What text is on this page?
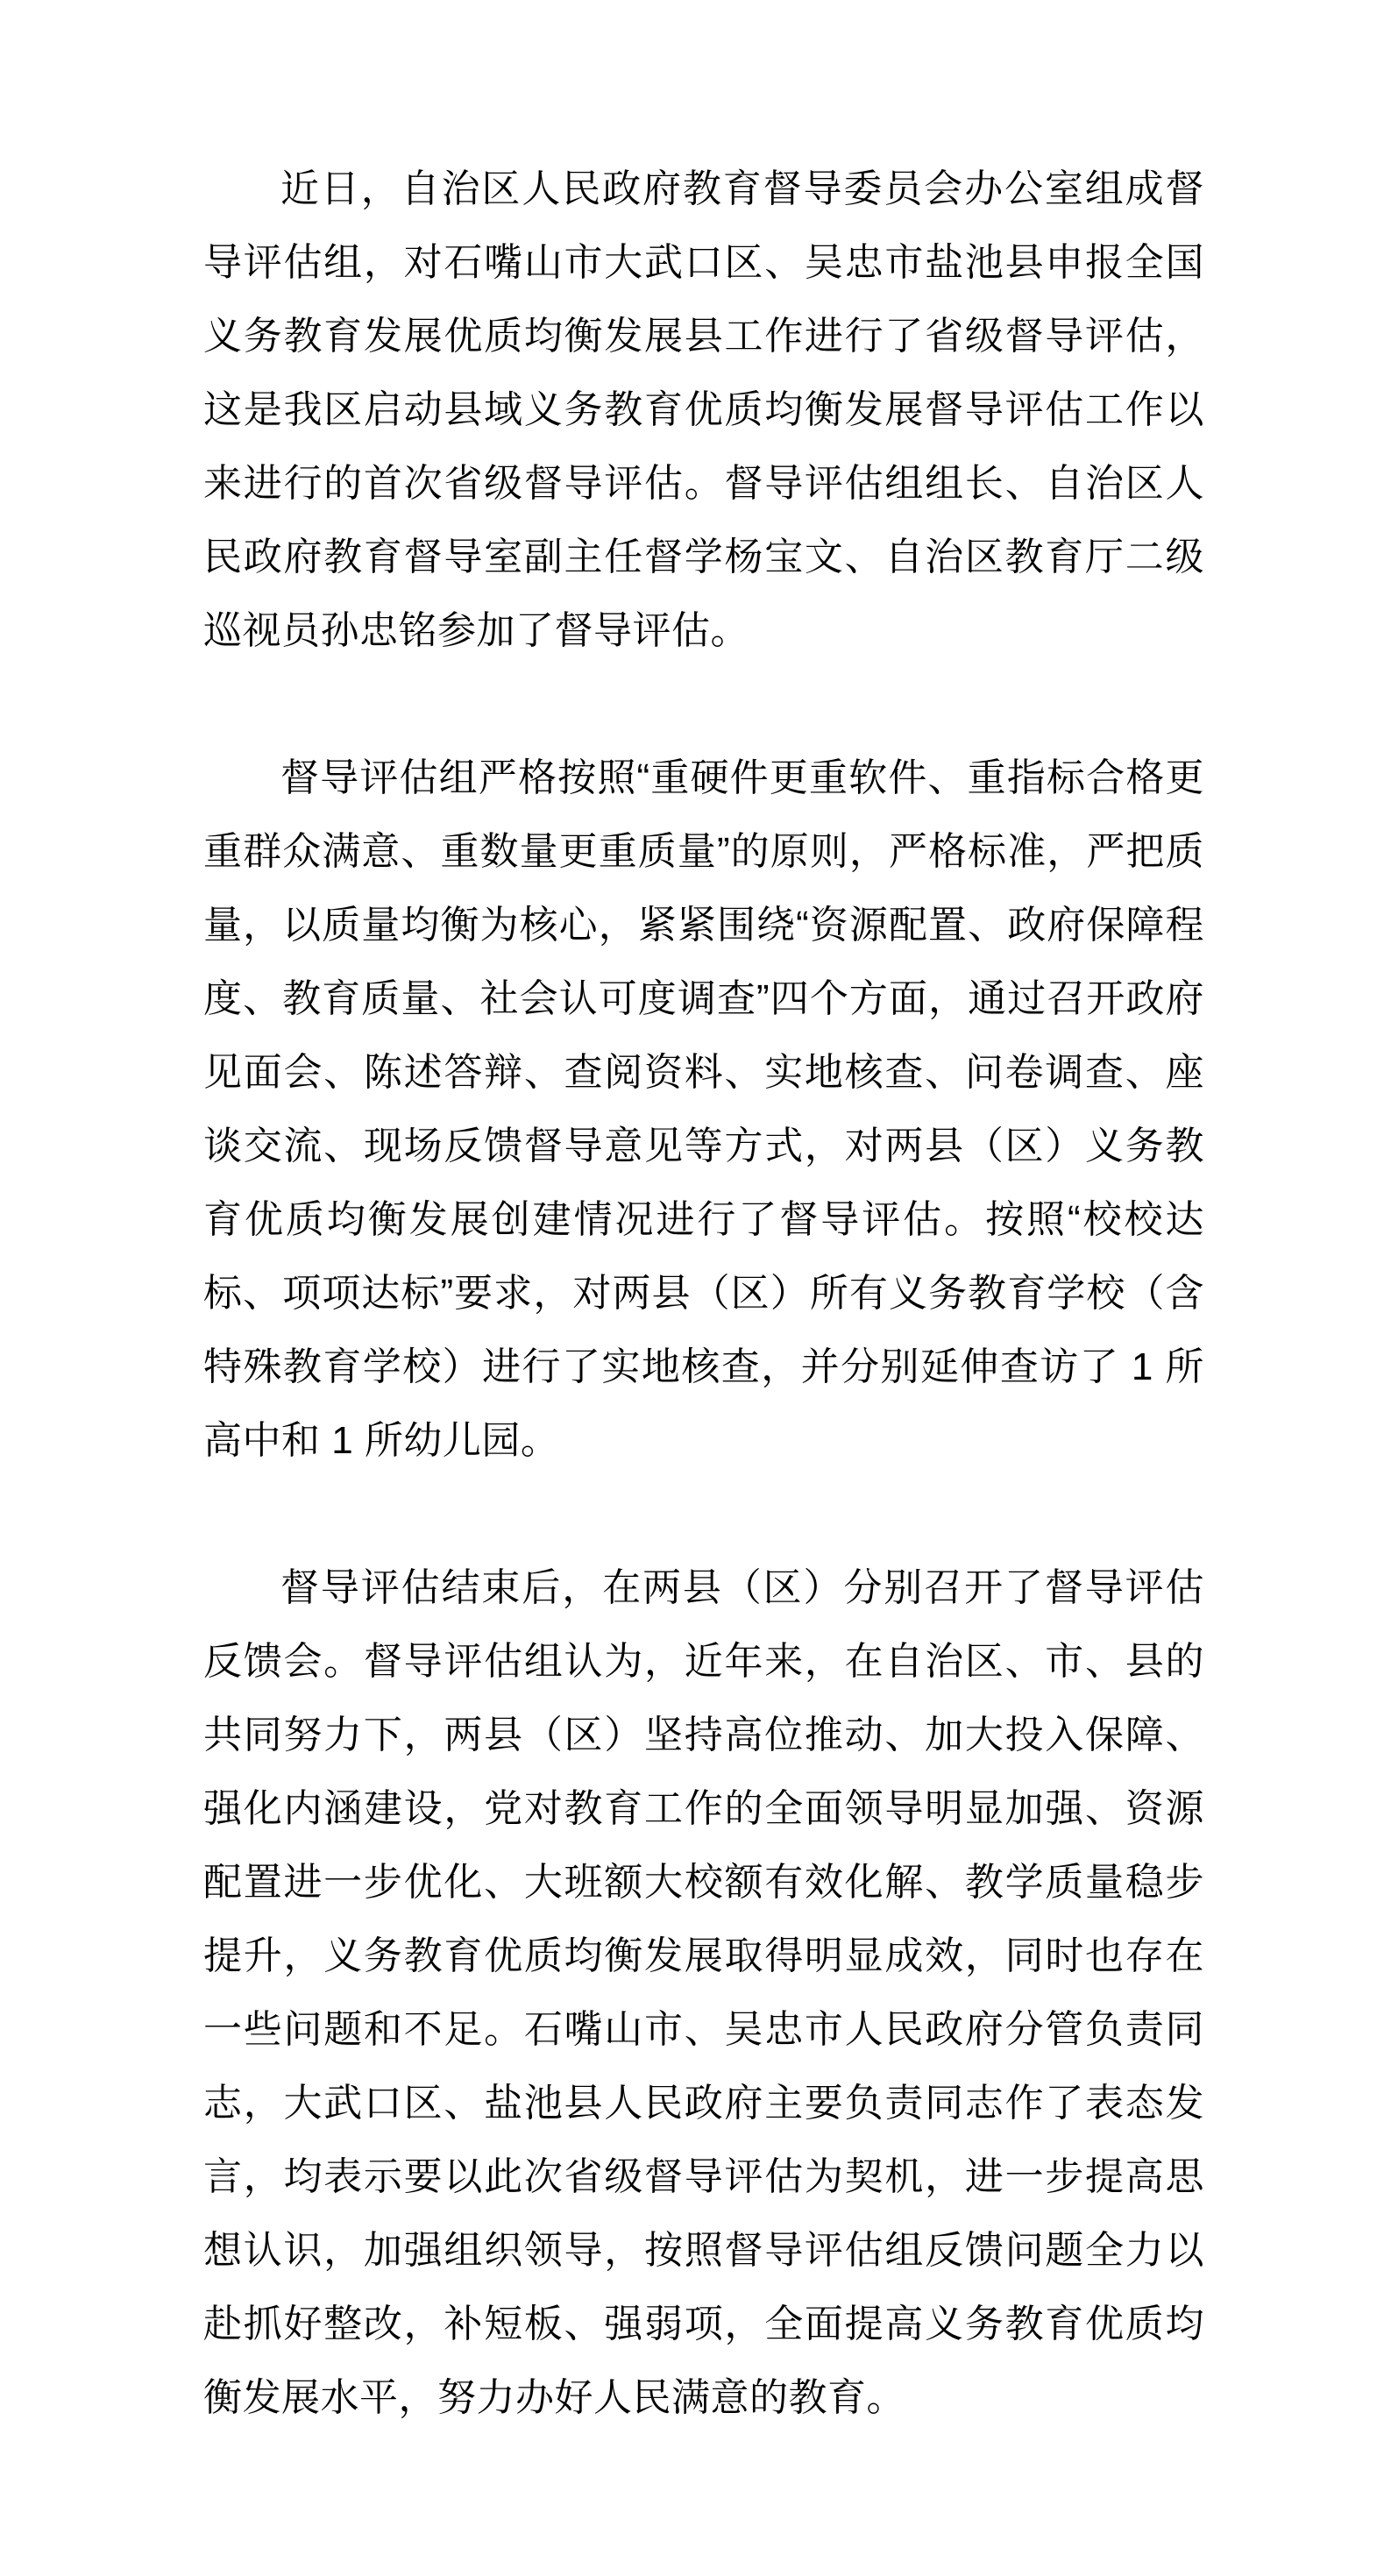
近日，自治区人民政府教育督导委员会办公室组成督导评估组，对石嘴山市大武口区、吴忠市盐池县申报全国义务教育发展优质均衡发展县工作进行了省级督导评估，这是我区启动县域义务教育优质均衡发展督导评估工作以来进行的首次省级督导评估。督导评估组组长、自治区人民政府教育督导室副主任督学杨宝文、自治区教育厅二级巡视员孙忠铭参加了督导评估。

督导评估组严格按照“重硬件更重软件、重指标合格更重群众满意、重数量更重质量”的原则，严格标准，严把质量，以质量均衡为核心，紧紧围绕“资源配置、政府保障程度、教育质量、社会认可度调查”四个方面，通过召开政府见面会、陈述答辩、查阅资料、实地核查、问卷调查、座谈交流、现场反馈督导意见等方式，对两县（区）义务教育优质均衡发展创建情况进行了督导评估。按照“校校达标、项项达标”要求，对两县（区）所有义务教育学校（含特殊教育学校）进行了实地核查，并分别延伸查访了 1 所高中和 1 所幼儿园。

督导评估结束后，在两县（区）分别召开了督导评估反馈会。督导评估组认为，近年来，在自治区、市、县的共同努力下，两县（区）坚持高位推动、加大投入保障、强化内涵建设，党对教育工作的全面领导明显加强、资源配置进一步优化、大班额大校额有效化解、教学质量稳步提升，义务教育优质均衡发展取得明显成效，同时也存在一些问题和不足。石嘴山市、吴忠市人民政府分管负责同志，大武口区、盐池县人民政府主要负责同志作了表态发言，均表示要以此次省级督导评估为契机，进一步提高思想认识，加强组织领导，按照督导评估组反馈问题全力以赴抓好整改，补短板、强弱项，全面提高义务教育优质均衡发展水平，努力办好人民满意的教育。
